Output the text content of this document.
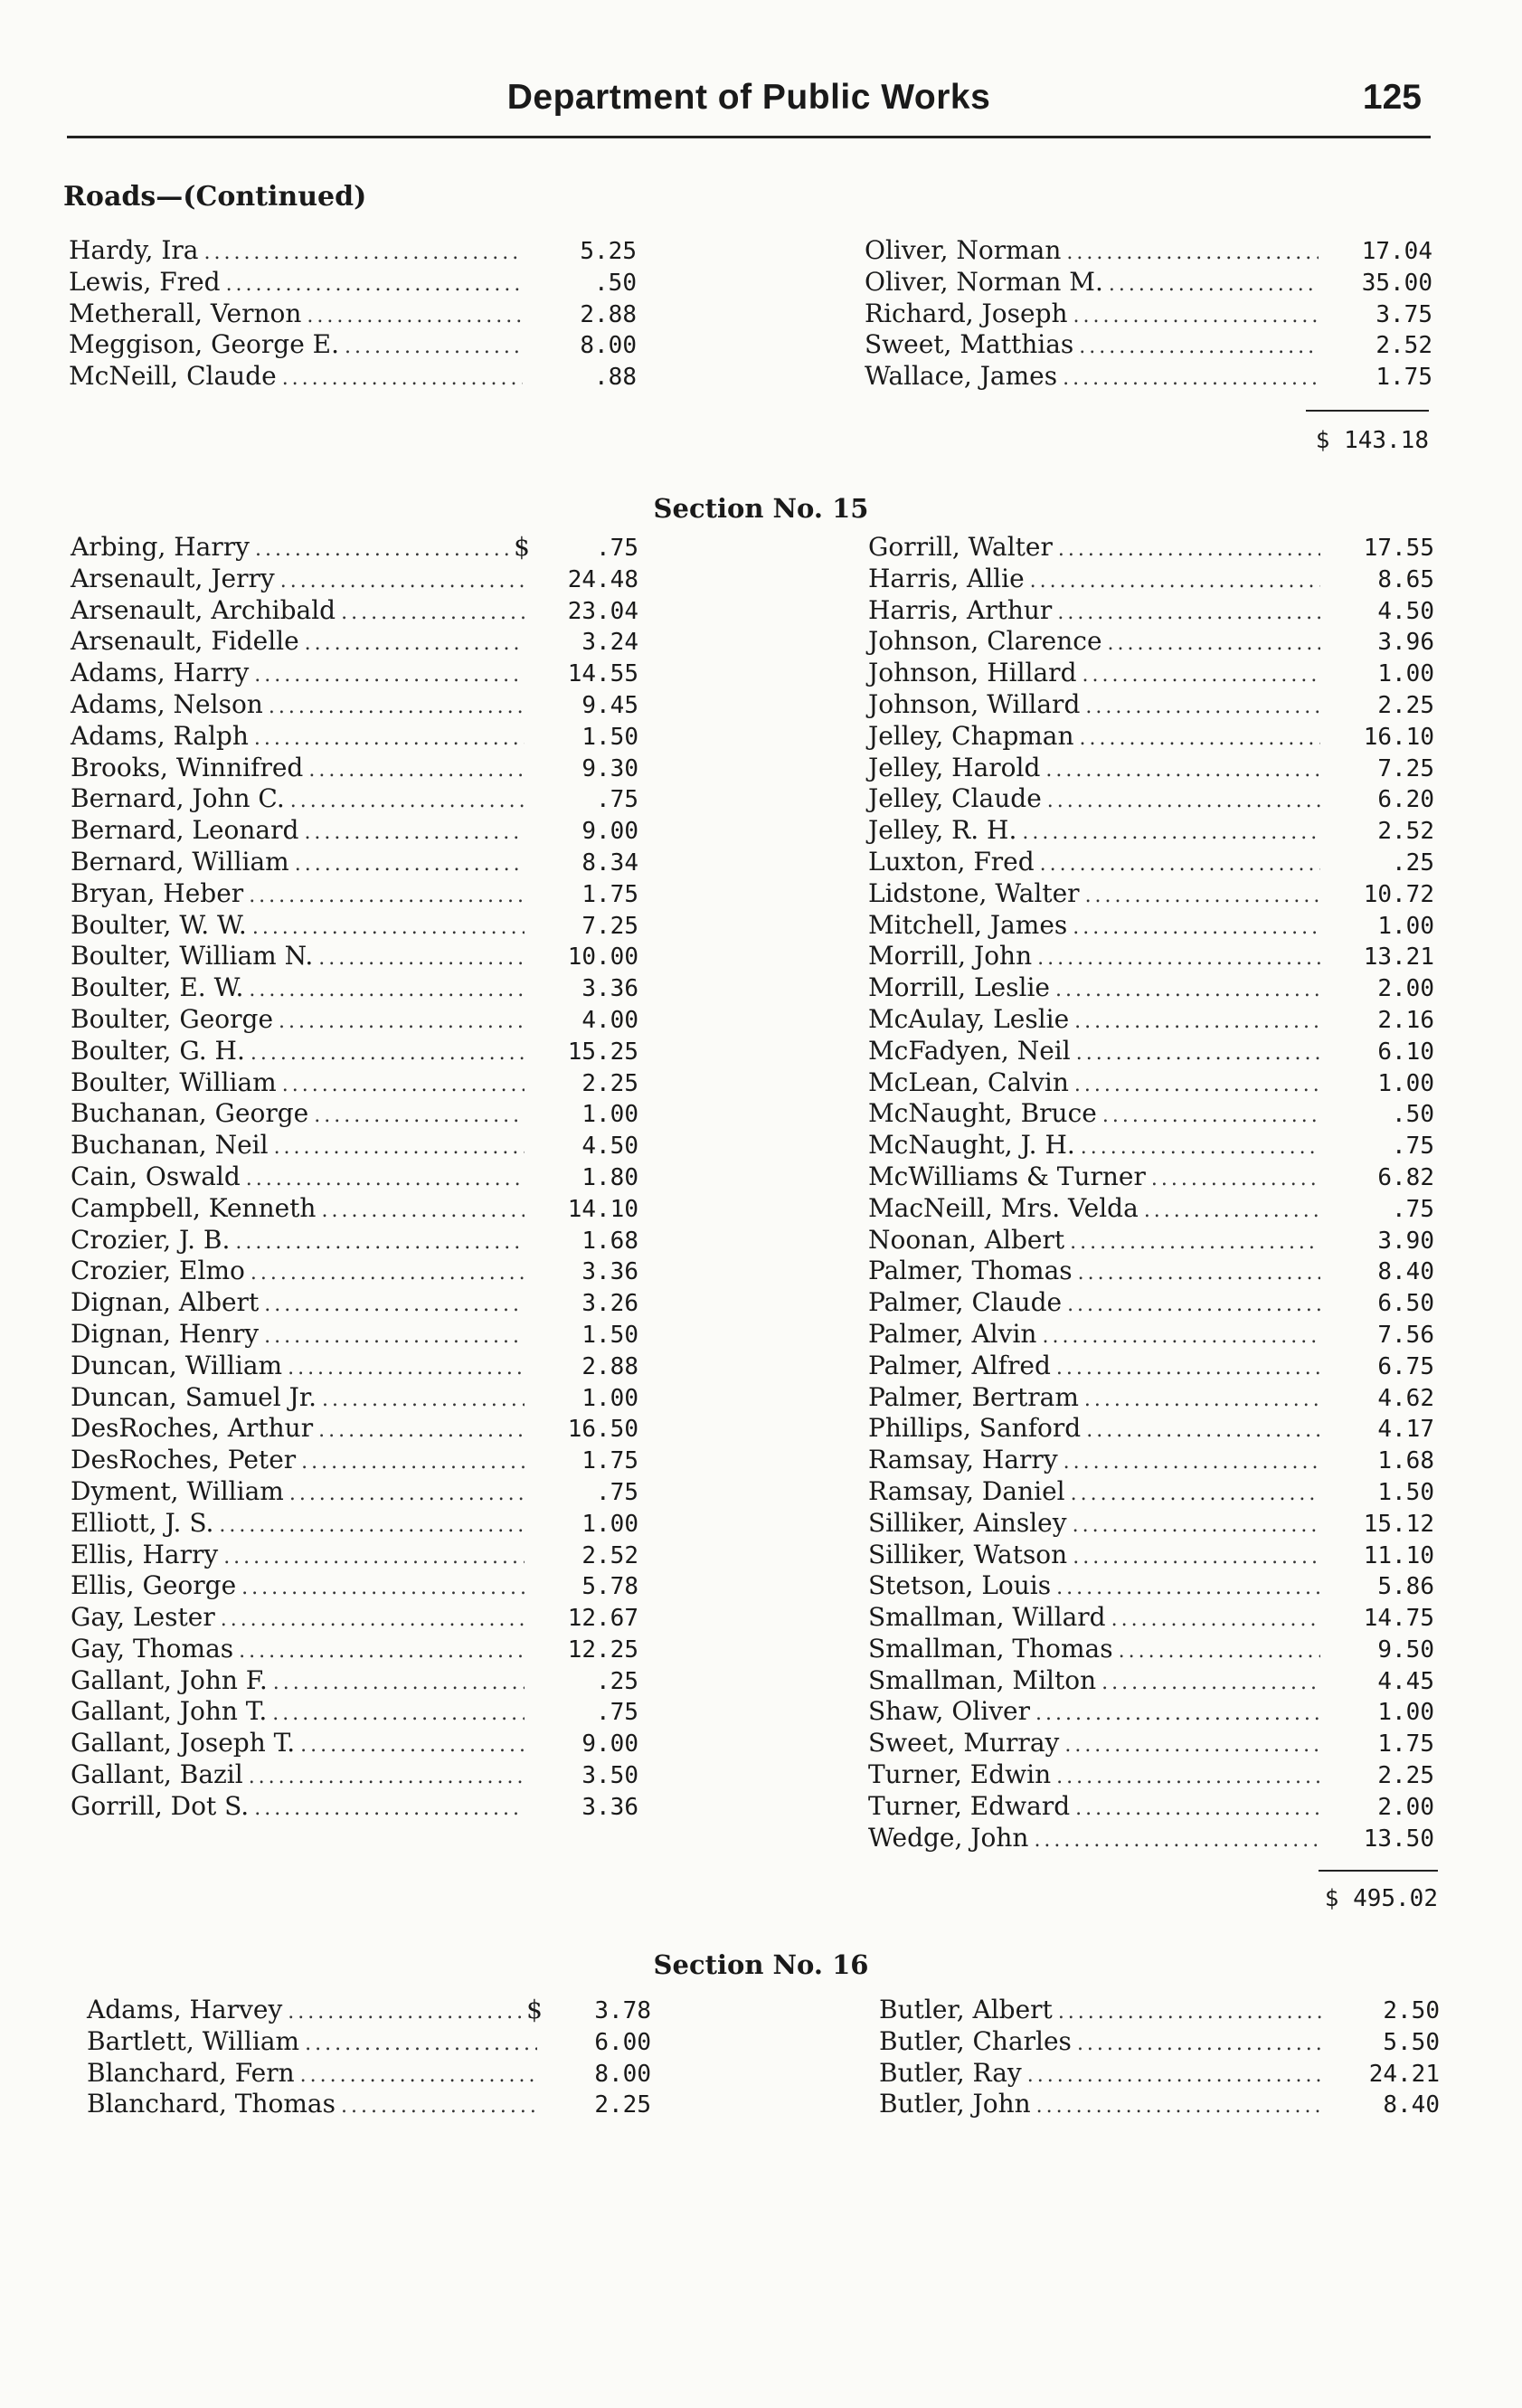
Department of Public Works	125
Roads—(Continued)
Hardy, Ira .....	5.25
Lewis, Fred .....	.50
Metherall, Vernon .....	2.88
Meggison, George E. .....	8.00
McNeill, Claude .....	.88
Oliver, Norman .....	17.04
Oliver, Norman M. .....	35.00
Richard, Joseph .....	3.75
Sweet, Matthias .....	2.52
Wallace, James .....	1.75
$ 143.18
Section No. 15
Arbing, Harry .....	$	.75
Arsenault, Jerry .....	24.48
Arsenault, Archibald .....	23.04
Arsenault, Fidelle .....	3.24
Adams, Harry .....	14.55
Adams, Nelson .....	9.45
Adams, Ralph .....	1.50
Brooks, Winnifred .....	9.30
Bernard, John C. .....	.75
Bernard, Leonard .....	9.00
Bernard, William .....	8.34
Bryan, Heber .....	1.75
Boulter, W. W. .....	7.25
Boulter, William N. .....	10.00
Boulter, E. W. .....	3.36
Boulter, George .....	4.00
Boulter, G. H. .....	15.25
Boulter, William .....	2.25
Buchanan, George .....	1.00
Buchanan, Neil .....	4.50
Cain, Oswald .....	1.80
Campbell, Kenneth .....	14.10
Crozier, J. B. .....	1.68
Crozier, Elmo .....	3.36
Dignan, Albert .....	3.26
Dignan, Henry .....	1.50
Duncan, William .....	2.88
Duncan, Samuel Jr. .....	1.00
DesRoches, Arthur .....	16.50
DesRoches, Peter .....	1.75
Dyment, William .....	.75
Elliott, J. S. .....	1.00
Ellis, Harry .....	2.52
Ellis, George .....	5.78
Gay, Lester .....	12.67
Gay, Thomas .....	12.25
Gallant, John F. .....	.25
Gallant, John T. .....	.75
Gallant, Joseph T. .....	9.00
Gallant, Bazil .....	3.50
Gorrill, Dot S. .....	3.36
Gorrill, Walter .....	17.55
Harris, Allie .....	8.65
Harris, Arthur .....	4.50
Johnson, Clarence .....	3.96
Johnson, Hillard .....	1.00
Johnson, Willard .....	2.25
Jelley, Chapman .....	16.10
Jelley, Harold .....	7.25
Jelley, Claude .....	6.20
Jelley, R. H. .....	2.52
Luxton, Fred .....	.25
Lidstone, Walter .....	10.72
Mitchell, James .....	1.00
Morrill, John .....	13.21
Morrill, Leslie .....	2.00
McAulay, Leslie .....	2.16
McFadyen, Neil .....	6.10
McLean, Calvin .....	1.00
McNaught, Bruce .....	.50
McNaught, J. H. .....	.75
McWilliams & Turner .....	6.82
MacNeill, Mrs. Velda .....	.75
Noonan, Albert .....	3.90
Palmer, Thomas .....	8.40
Palmer, Claude .....	6.50
Palmer, Alvin .....	7.56
Palmer, Alfred .....	6.75
Palmer, Bertram .....	4.62
Phillips, Sanford .....	4.17
Ramsay, Harry .....	1.68
Ramsay, Daniel .....	1.50
Silliker, Ainsley .....	15.12
Silliker, Watson .....	11.10
Stetson, Louis .....	5.86
Smallman, Willard .....	14.75
Smallman, Thomas .....	9.50
Smallman, Milton .....	4.45
Shaw, Oliver .....	1.00
Sweet, Murray .....	1.75
Turner, Edwin .....	2.25
Turner, Edward .....	2.00
Wedge, John .....	13.50
$ 495.02
Section No. 16
Adams, Harvey .....	$	3.78
Bartlett, William .....	6.00
Blanchard, Fern .....	8.00
Blanchard, Thomas .....	2.25
Butler, Albert .....	2.50
Butler, Charles .....	5.50
Butler, Ray .....	24.21
Butler, John .....	8.40
